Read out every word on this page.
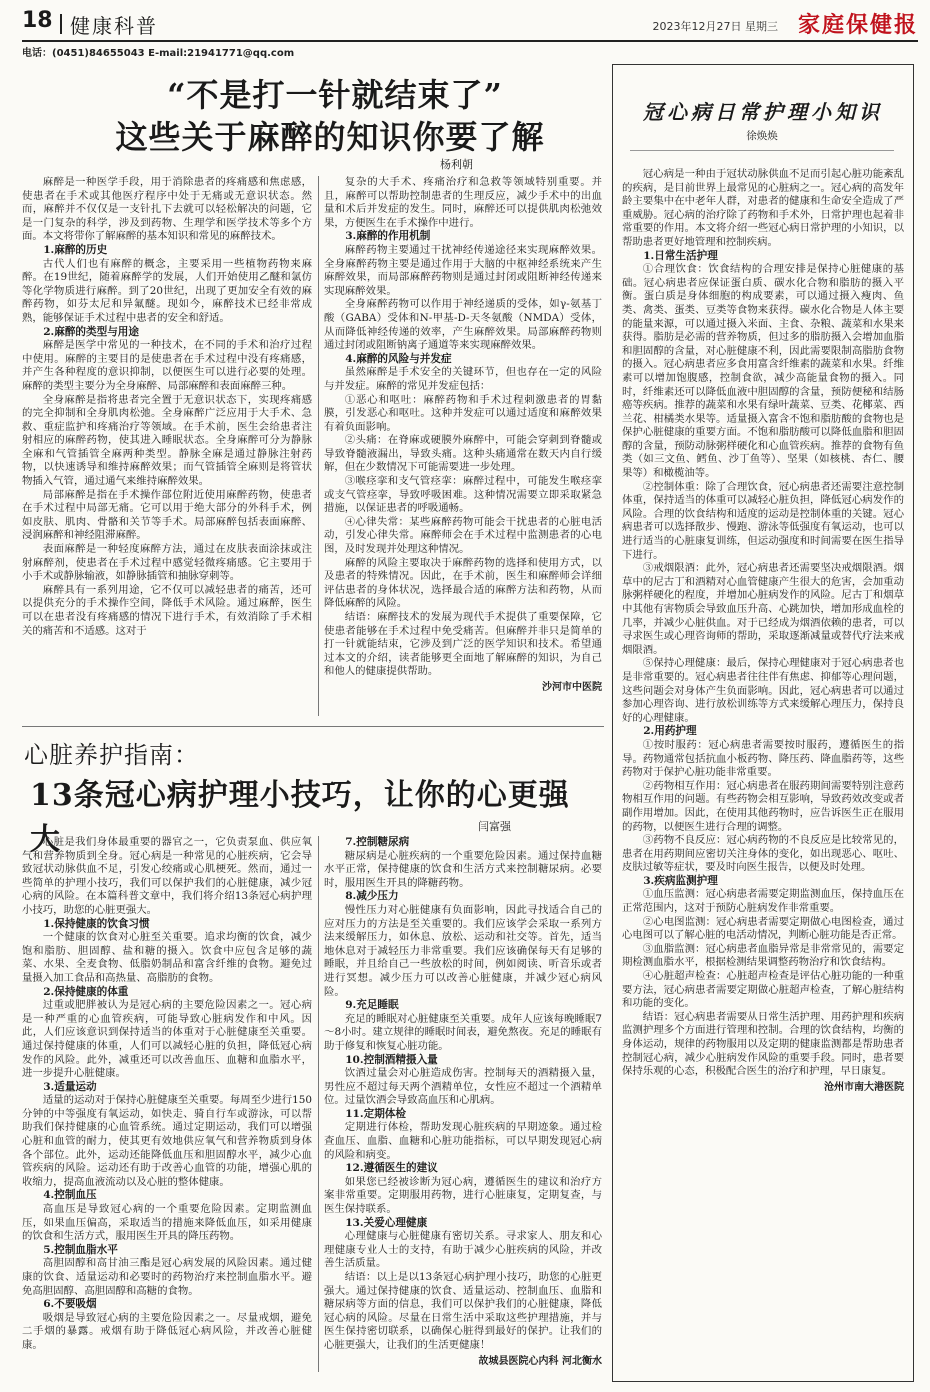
18 健康科普	2023年12月27日 星期三 家庭保健报
电话：(0451)84655043 E-mail:21941771@qq.com
“不是打一针就结束了”
这些关于麻醉的知识你要了解
杨利朝

麻醉是一种医学手段，用于消除患者的疼痛感和焦虑感，使患者在手术或其他医疗程序中处于无痛或无意识状态。然而，麻醉并不仅仅是一支针扎下去就可以轻松解决的问题，它是一门复杂的科学，涉及到药物、生理学和医学技术等多个方面。本文将带你了解麻醉的基本知识和常见的麻醉技术。

1.麻醉的历史

古代人们也有麻醉的概念，主要采用一些植物药物来麻醉。在19世纪，随着麻醉学的发展，人们开始使用乙醚和氯仿等化学物质进行麻醉。到了20世纪，出现了更加安全有效的麻醉药物，如芬太尼和异氟醚。现如今，麻醉技术已经非常成熟，能够保证手术过程中患者的安全和舒适。

2.麻醉的类型与用途

麻醉是医学中常见的一种技术，在不同的手术和治疗过程中使用。麻醉的主要目的是使患者在手术过程中没有疼痛感，并产生各种程度的意识抑制，以便医生可以进行必要的处理。麻醉的类型主要分为全身麻醉、局部麻醉和表面麻醉三种。

全身麻醉是指将患者完全置于无意识状态下，实现疼痛感的完全抑制和全身肌肉松弛。全身麻醉广泛应用于大手术、急救、重症监护和疼痛治疗等领域。在手术前，医生会给患者注射相应的麻醉药物，使其进入睡眠状态。全身麻醉可分为静脉全麻和气管插管全麻两种类型。静脉全麻是通过静脉注射药物，以快速诱导和维持麻醉效果；而气管插管全麻则是将管状物插入气管，通过通气来维持麻醉效果。

局部麻醉是指在手术操作部位附近使用麻醉药物，使患者在手术过程中局部无痛。它可以用于绝大部分的外科手术，例如皮肤、肌肉、骨骼和关节等手术。局部麻醉包括表面麻醉、浸润麻醉和神经阻滞麻醉。

表面麻醉是一种轻度麻醉方法，通过在皮肤表面涂抹或注射麻醉剂，使患者在手术过程中感觉轻微疼痛感。它主要用于小手术或静脉输液，如静脉插管和抽脉穿刺等。

麻醉具有一系列用途，它不仅可以减轻患者的痛苦，还可以提供充分的手术操作空间，降低手术风险。通过麻醉，医生可以在患者没有疼痛感的情况下进行手术，有效消除了手术相关的痛苦和不适感。这对于

复杂的大手术、疼痛治疗和急救等领域特别重要。并且，麻醉可以帮助控制患者的生理反应，减少手术中的出血量和术后并发症的发生。同时，麻醉还可以提供肌肉松弛效果，方便医生在手术操作中进行。

3.麻醉的作用机制

麻醉药物主要通过干扰神经传递途径来实现麻醉效果。全身麻醉药物主要是通过作用于大脑的中枢神经系统来产生麻醉效果，而局部麻醉药物则是通过封闭或阻断神经传递来实现麻醉效果。

全身麻醉药物可以作用于神经递质的受体，如γ-氨基丁酸（GABA）受体和N-甲基-D-天冬氨酸（NMDA）受体，从而降低神经传递的效率，产生麻醉效果。局部麻醉药物则通过封闭或阻断钠离子通道等来实现麻醉效果。

4.麻醉的风险与并发症

虽然麻醉是手术安全的关键环节，但也存在一定的风险与并发症。麻醉的常见并发症包括：

①恶心和呕吐：麻醉药物和手术过程刺激患者的胃黏膜，引发恶心和呕吐。这种并发症可以通过适度和麻醉效果有着负面影响。

②头痛：在脊麻或硬膜外麻醉中，可能会穿刺到脊髓或导致脊髓液漏出，导致头痛。这种头痛通常在数天内自行缓解，但在少数情况下可能需要进一步处理。

③喉痉挛和支气管痉挛：麻醉过程中，可能发生喉痉挛或支气管痉挛，导致呼吸困难。这种情况需要立即采取紧急措施，以保证患者的呼吸通畅。

④心律失常：某些麻醉药物可能会干扰患者的心脏电活动，引发心律失常。麻醉师会在手术过程中监测患者的心电图，及时发现并处理这种情况。

麻醉的风险主要取决于麻醉药物的选择和使用方式，以及患者的特殊情况。因此，在手术前，医生和麻醉师会详细评估患者的身体状况，选择最合适的麻醉方法和药物，从而降低麻醉的风险。

结语：麻醉技术的发展为现代手术提供了重要保障，它使患者能够在手术过程中免受痛苦。但麻醉并非只是简单的打一针就能结束，它涉及到广泛的医学知识和技术。希望通过本文的介绍，读者能够更全面地了解麻醉的知识，为自己和他人的健康提供帮助。

沙河市中医院
心脏养护指南：
13条冠心病护理小技巧，让你的心更强大	闫富强

心脏是我们身体最重要的器官之一，它负责泵血、供应氧气和营养物质到全身。冠心病是一种常见的心脏疾病，它会导致冠状动脉供血不足，引发心绞痛或心肌梗死。然而，通过一些简单的护理小技巧，我们可以保护我们的心脏健康，减少冠心病的风险。在本篇科普文章中，我们将介绍13条冠心病护理小技巧，助您的心脏更强大。

1.保持健康的饮食习惯

一个健康的饮食对心脏至关重要。追求均衡的饮食，减少饱和脂肪、胆固醇、盐和糖的摄入。饮食中应包含足够的蔬菜、水果、全麦食物、低脂奶制品和富含纤维的食物。避免过量摄入加工食品和高热量、高脂肪的食物。

2.保持健康的体重

过重或肥胖被认为是冠心病的主要危险因素之一。冠心病是一种严重的心血管疾病，可能导致心脏病发作和中风。因此，人们应该意识到保持适当的体重对于心脏健康至关重要。通过保持健康的体重，人们可以减轻心脏的负担，降低冠心病发作的风险。此外，减重还可以改善血压、血糖和血脂水平，进一步提升心脏健康。

3.适量运动

适量的运动对于保持心脏健康至关重要。每周至少进行150分钟的中等强度有氧运动，如快走、骑自行车或游泳，可以帮助我们保持健康的心血管系统。通过定期运动，我们可以增强心脏和血管的耐力，使其更有效地供应氧气和营养物质到身体各个部位。此外，运动还能降低血压和胆固醇水平，减少心血管疾病的风险。运动还有助于改善心血管的功能，增强心肌的收缩力，提高血液流动以及心脏的整体健康。

4.控制血压

高血压是导致冠心病的一个重要危险因素。定期监测血压，如果血压偏高，采取适当的措施来降低血压，如采用健康的饮食和生活方式，服用医生开具的降压药物。

5.控制血脂水平

高胆固醇和高甘油三酯是冠心病发展的风险因素。通过健康的饮食、适量运动和必要时的药物治疗来控制血脂水平。避免高胆固醇、高胆固醇和高糖的食物。

6.不要吸烟

吸烟是导致冠心病的主要危险因素之一。尽量戒烟，避免二手烟的暴露。戒烟有助于降低冠心病风险，并改善心脏健康。

7.控制糖尿病

糖尿病是心脏疾病的一个重要危险因素。通过保持血糖水平正常，保持健康的饮食和生活方式来控制糖尿病。必要时，服用医生开具的降糖药物。

8.减少压力

慢性压力对心脏健康有负面影响，因此寻找适合自己的应对压力的方法是至关重要的。我们应该学会采取一系列方法来缓解压力，如休息、放松、运动和社交等。首先，适当地休息对于减轻压力非常重要。我们应该确保每天有足够的睡眠，并且给自己一些放松的时间，例如阅读、听音乐或者进行冥想。减少压力可以改善心脏健康，并减少冠心病风险。

9.充足睡眠

充足的睡眠对心脏健康至关重要。成年人应该每晚睡眠7～8小时。建立规律的睡眠时间表，避免熬夜。充足的睡眠有助于修复和恢复心脏功能。

10.控制酒精摄入量

饮酒过量会对心脏造成伤害。控制每天的酒精摄入量，男性应不超过每天两个酒精单位，女性应不超过一个酒精单位。过量饮酒会导致高血压和心肌病。

11.定期体检

定期进行体检，帮助发现心脏疾病的早期迹象。通过检查血压、血脂、血糖和心脏功能指标，可以早期发现冠心病的风险和病变。

12.遵循医生的建议

如果您已经被诊断为冠心病，遵循医生的建议和治疗方案非常重要。定期服用药物，进行心脏康复，定期复查，与医生保持联系。

13.关爱心理健康

心理健康与心脏健康有密切关系。寻求家人、朋友和心理健康专业人士的支持，有助于减少心脏疾病的风险，并改善生活质量。

结语：以上是以13条冠心病护理小技巧，助您的心脏更强大。通过保持健康的饮食、适量运动、控制血压、血脂和糖尿病等方面的信息，我们可以保护我们的心脏健康，降低冠心病的风险。尽量在日常生活中采取这些护理措施，并与医生保持密切联系，以确保心脏得到最好的保护。让我们的心脏更强大，让我们的生活更健康！

故城县医院心内科 河北衡水
冠心病日常护理小知识
徐焕焕

冠心病是一种由于冠状动脉供血不足而引起心脏功能紊乱的疾病，是目前世界上最常见的心脏病之一。冠心病的高发年龄主要集中在中老年人群，对患者的健康和生命安全造成了严重威胁。冠心病的治疗除了药物和手术外，日常护理也起着非常重要的作用。本文将介绍一些冠心病日常护理的小知识，以帮助患者更好地管理和控制疾病。

1.日常生活护理

①合理饮食：饮食结构的合理安排是保持心脏健康的基础。冠心病患者应保证蛋白质、碳水化合物和脂肪的摄入平衡。蛋白质是身体细胞的构成要素，可以通过摄入瘦肉、鱼类、禽类、蛋类、豆类等食物来获得。碳水化合物是人体主要的能量来源，可以通过摄入米面、主食、杂粮、蔬菜和水果来获得。脂肪是必需的营养物质，但过多的脂肪摄入会增加血脂和胆固醇的含量，对心脏健康不利，因此需要限制高脂肪食物的摄入。冠心病患者应多食用富含纤维素的蔬菜和水果。纤维素可以增加饱腹感，控制食欲，减少高能量食物的摄入。同时，纤维素还可以降低血液中胆固醇的含量，预防便秘和结肠癌等疾病。推荐的蔬菜和水果有绿叶蔬菜、豆类、花椰菜、西兰花、柑橘类水果等。适量摄入富含不饱和脂肪酸的食物也是保护心脏健康的重要方面。不饱和脂肪酸可以降低血脂和胆固醇的含量，预防动脉粥样硬化和心血管疾病。推荐的食物有鱼类（如三文鱼、鳕鱼、沙丁鱼等）、坚果（如核桃、杏仁、腰果等）和橄榄油等。

②控制体重：除了合理饮食，冠心病患者还需要注意控制体重，保持适当的体重可以减轻心脏负担，降低冠心病发作的风险。合理的饮食结构和适度的运动是控制体重的关键。冠心病患者可以选择散步、慢跑、游泳等低强度有氧运动，也可以进行适当的心脏康复训练，但运动强度和时间需要在医生指导下进行。

③戒烟限酒：此外，冠心病患者还需要坚决戒烟限酒。烟草中的尼古丁和酒精对心血管健康产生很大的危害，会加重动脉粥样硬化的程度，并增加心脏病发作的风险。尼古丁和烟草中其他有害物质会导致血压升高、心跳加快，增加形成血栓的几率，并减少心脏供血。对于已经成为烟酒依赖的患者，可以寻求医生或心理咨询师的帮助，采取逐渐减量或替代疗法来戒烟限酒。

⑤保持心理健康：最后，保持心理健康对于冠心病患者也是非常重要的。冠心病患者往往伴有焦虑、抑郁等心理问题，这些问题会对身体产生负面影响。因此，冠心病患者可以通过参加心理咨询、进行放松训练等方式来缓解心理压力，保持良好的心理健康。

2.用药护理

①按时服药：冠心病患者需要按时服药，遵循医生的指导。药物通常包括抗血小板药物、降压药、降血脂药等，这些药物对于保护心脏功能非常重要。

②药物相互作用：冠心病患者在服药期间需要特别注意药物相互作用的问题。有些药物会相互影响，导致药效改变或者副作用增加。因此，在使用其他药物时，应告诉医生正在服用的药物，以便医生进行合理的调整。

③药物不良反应：冠心病药物的不良反应是比较常见的，患者在用药期间应密切关注身体的变化，如出现恶心、呕吐、皮肤过敏等症状，要及时向医生报告，以便及时处理。

3.疾病监测护理

①血压监测：冠心病患者需要定期监测血压，保持血压在正常范围内，这对于预防心脏病发作非常重要。

②心电图监测：冠心病患者需要定期做心电图检查，通过心电图可以了解心脏的电活动情况，判断心脏功能是否正常。

③血脂监测：冠心病患者血脂异常是非常常见的，需要定期检测血脂水平，根据检测结果调整药物治疗和饮食结构。

④心脏超声检查：心脏超声检查是评估心脏功能的一种重要方法，冠心病患者需要定期做心脏超声检查，了解心脏结构和功能的变化。

结语：冠心病患者需要从日常生活护理、用药护理和疾病监测护理多个方面进行管理和控制。合理的饮食结构，均衡的身体运动，规律的药物服用以及定期的健康监测都是帮助患者控制冠心病，减少心脏病发作风险的重要手段。同时，患者要保持乐观的心态，积极配合医生的治疗和护理，早日康复。

沧州市南大港医院
